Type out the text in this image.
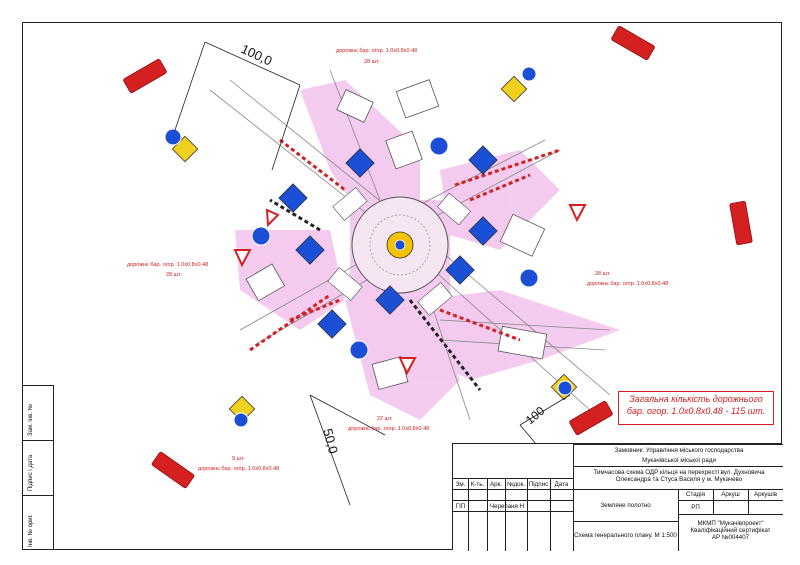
100,0
50,0
100
дорожнє бар. огор. 1.0х0.8х0.48
28 шт.
дорожнє бар. огор. 1.0х0.8х0.48
28 шт.	28 шт.
дорожнє бар. огор. 1.0х0.8х0.48
22 шт.
дорожнє бар. огор. 1.0х0.8х0.48
9 шт.
дорожнє бар. огор. 1.0х0.8х0.48
Зам. інв. №
Підпис і дата
Інв. № ориг.
Загальна кількість дорожнього
бар. огор. 1.0х0.8х0.48 - 115 шт.
Замовник: Управління міського господарства
Мукачівської міської ради
Тимчасова схема ОДР кільця на перехресті вул. Духновича
Олександра та Стуса Василя у м. Мукачево
Зм. К-ть. Арк. №док. Підпис	Дата
ГІП	Черепаня Н
Стадія	Аркуш	Аркушів
РП
Земляне полотно
Схема генерального плану. М 1:500
МКМП "Мукачівпроект"
Кваліфікаційний сертифікат
АР №004407
